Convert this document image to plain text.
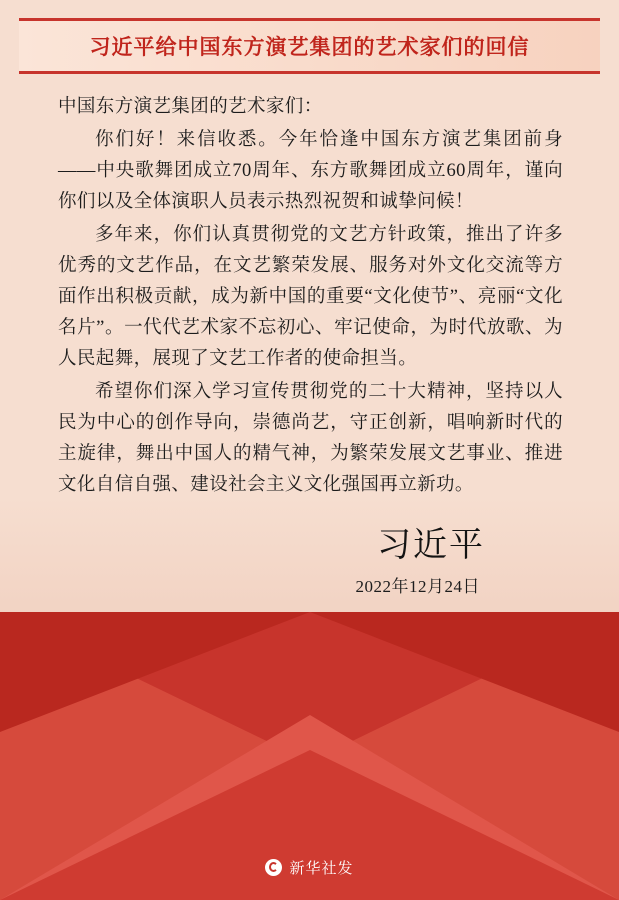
习近平给中国东方演艺集团的艺术家们的回信

中国东方演艺集团的艺术家们：

你们好！来信收悉。今年恰逢中国东方演艺集团前身——中央歌舞团成立70周年、东方歌舞团成立60周年，谨向你们以及全体演职人员表示热烈祝贺和诚挚问候！

多年来，你们认真贯彻党的文艺方针政策，推出了许多优秀的文艺作品，在文艺繁荣发展、服务对外文化交流等方面作出积极贡献，成为新中国的重要“文化使节”、亮丽“文化名片”。一代代艺术家不忘初心、牢记使命，为时代放歌、为人民起舞，展现了文艺工作者的使命担当。

希望你们深入学习宣传贯彻党的二十大精神，坚持以人民为中心的创作导向，崇德尚艺，守正创新，唱响新时代的主旋律，舞出中国人的精气神，为繁荣发展文艺事业、推进文化自信自强、建设社会主义文化强国再立新功。

习近平
2022年12月24日
新华社发
